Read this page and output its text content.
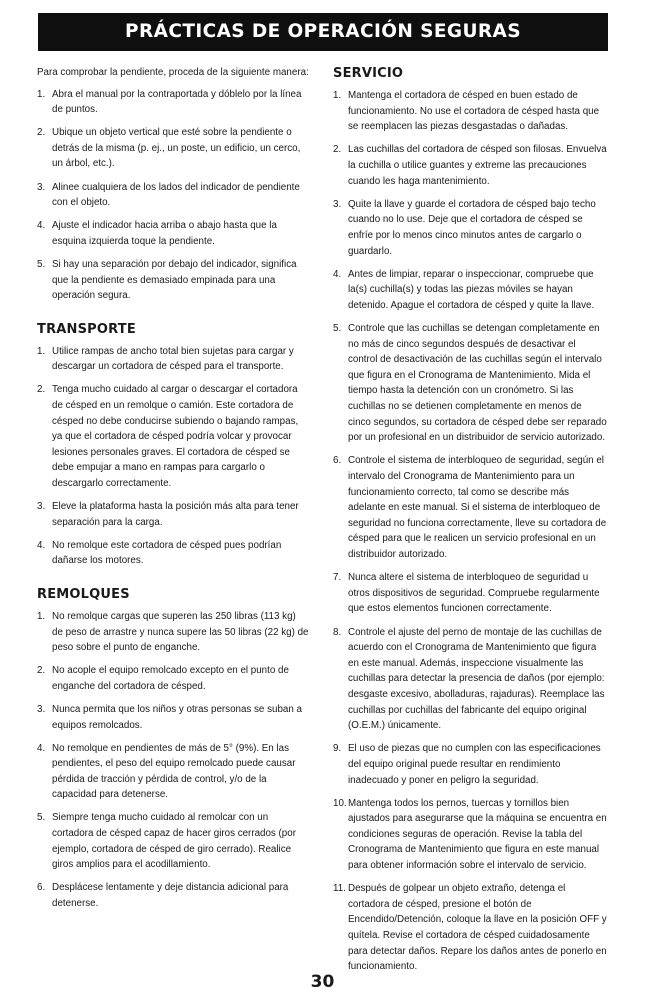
PRÁCTICAS DE OPERACIÓN SEGURAS

Para comprobar la pendiente, proceda de la siguiente manera:

1. Abra el manual por la contraportada y dóblelo por la línea de puntos.
2. Ubique un objeto vertical que esté sobre la pendiente o detrás de la misma (p. ej., un poste, un edificio, un cerco, un árbol, etc.).
3. Alinee cualquiera de los lados del indicador de pendiente con el objeto.
4. Ajuste el indicador hacia arriba o abajo hasta que la esquina izquierda toque la pendiente.
5. Si hay una separación por debajo del indicador, significa que la pendiente es demasiado empinada para una operación segura.
TRANSPORTE
1. Utilice rampas de ancho total bien sujetas para cargar y descargar un cortadora de césped para el transporte.
2. Tenga mucho cuidado al cargar o descargar el cortadora de césped en un remolque o camión. Este cortadora de césped no debe conducirse subiendo o bajando rampas, ya que el cortadora de césped podría volcar y provocar lesiones personales graves. El cortadora de césped se debe empujar a mano en rampas para cargarlo o descargarlo correctamente.
3. Eleve la plataforma hasta la posición más alta para tener separación para la carga.
4. No remolque este cortadora de césped pues podrían dañarse los motores.
REMOLQUES
1. No remolque cargas que superen las 250 libras (113 kg) de peso de arrastre y nunca supere las 50 libras (22 kg) de peso sobre el punto de enganche.
2. No acople el equipo remolcado excepto en el punto de enganche del cortadora de césped.
3. Nunca permita que los niños y otras personas se suban a equipos remolcados.
4. No remolque en pendientes de más de 5° (9%). En las pendientes, el peso del equipo remolcado puede causar pérdida de tracción y pérdida de control, y/o de la capacidad para detenerse.
5. Siempre tenga mucho cuidado al remolcar con un cortadora de césped capaz de hacer giros cerrados (por ejemplo, cortadora de césped de giro cerrado). Realice giros amplios para el acodillamiento.
6. Desplácese lentamente y deje distancia adicional para detenerse.
SERVICIO
1. Mantenga el cortadora de césped en buen estado de funcionamiento. No use el cortadora de césped hasta que se reemplacen las piezas desgastadas o dañadas.
2. Las cuchillas del cortadora de césped son filosas. Envuelva la cuchilla o utilice guantes y extreme las precauciones cuando les haga mantenimiento.
3. Quite la llave y guarde el cortadora de césped bajo techo cuando no lo use. Deje que el cortadora de césped se enfríe por lo menos cinco minutos antes de cargarlo o guardarlo.
4. Antes de limpiar, reparar o inspeccionar, compruebe que la(s) cuchilla(s) y todas las piezas móviles se hayan detenido. Apague el cortadora de césped y quite la llave.
5. Controle que las cuchillas se detengan completamente en no más de cinco segundos después de desactivar el control de desactivación de las cuchillas según el intervalo que figura en el Cronograma de Mantenimiento. Mida el tiempo hasta la detención con un cronómetro. Si las cuchillas no se detienen completamente en menos de cinco segundos, su cortadora de césped debe ser reparado por un profesional en un distribuidor de servicio autorizado.
6. Controle el sistema de interbloqueo de seguridad, según el intervalo del Cronograma de Mantenimiento para un funcionamiento correcto, tal como se describe más adelante en este manual. Si el sistema de interbloqueo de seguridad no funciona correctamente, lleve su cortadora de césped para que le realicen un servicio profesional en un distribuidor autorizado.
7. Nunca altere el sistema de interbloqueo de seguridad u otros dispositivos de seguridad. Compruebe regularmente que estos elementos funcionen correctamente.
8. Controle el ajuste del perno de montaje de las cuchillas de acuerdo con el Cronograma de Mantenimiento que figura en este manual. Además, inspeccione visualmente las cuchillas para detectar la presencia de daños (por ejemplo: desgaste excesivo, abolladuras, rajaduras). Reemplace las cuchillas por cuchillas del fabricante del equipo original (O.E.M.) únicamente.
9. El uso de piezas que no cumplen con las especificaciones del equipo original puede resultar en rendimiento inadecuado y poner en peligro la seguridad.
10. Mantenga todos los pernos, tuercas y tornillos bien ajustados para asegurarse que la máquina se encuentra en condiciones seguras de operación. Revise la tabla del Cronograma de Mantenimiento que figura en este manual para obtener información sobre el intervalo de servicio.
11. Después de golpear un objeto extraño, detenga el cortadora de césped, presione el botón de Encendido/Detención, coloque la llave en la posición OFF y quítela. Revise el cortadora de césped cuidadosamente para detectar daños. Repare los daños antes de ponerlo en funcionamiento.
30
